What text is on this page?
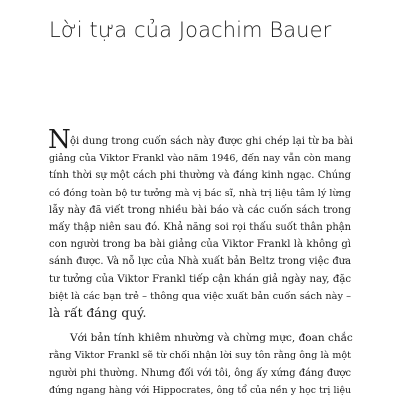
Lời tựa của Joachim Bauer
N ội dung trong cuốn sách này được ghi chép lại từ ba bài
giảng của Viktor Frankl vào năm 1946, đến nay vẫn còn mang
tính thời sự một cách phi thường và đáng kinh ngạc. Chúng
có đóng toàn bộ tư tưởng mà vị bác sĩ, nhà trị liệu tâm lý lừng
lẫy này đã viết trong nhiều bài báo và các cuốn sách trong
mấy thập niên sau đó. Khả năng soi rọi thấu suốt thân phận
con người trong ba bài giảng của Viktor Frankl là không gì
sánh được. Và nỗ lực của Nhà xuất bản Beltz trong việc đưa
tư tưởng của Viktor Frankl tiếp cận khán giả ngày nay, đặc
biệt là các bạn trẻ – thông qua việc xuất bản cuốn sách này –
là rất đáng quý.
Với bản tính khiêm nhường và chừng mực, đoan chắc
rằng Viktor Frankl sẽ từ chối nhận lời suy tôn rằng ông là một
người phi thường. Nhưng đối với tôi, ông ấy xứng đáng được
đứng ngang hàng với Hippocrates, ông tổ của nền y học trị liệu
